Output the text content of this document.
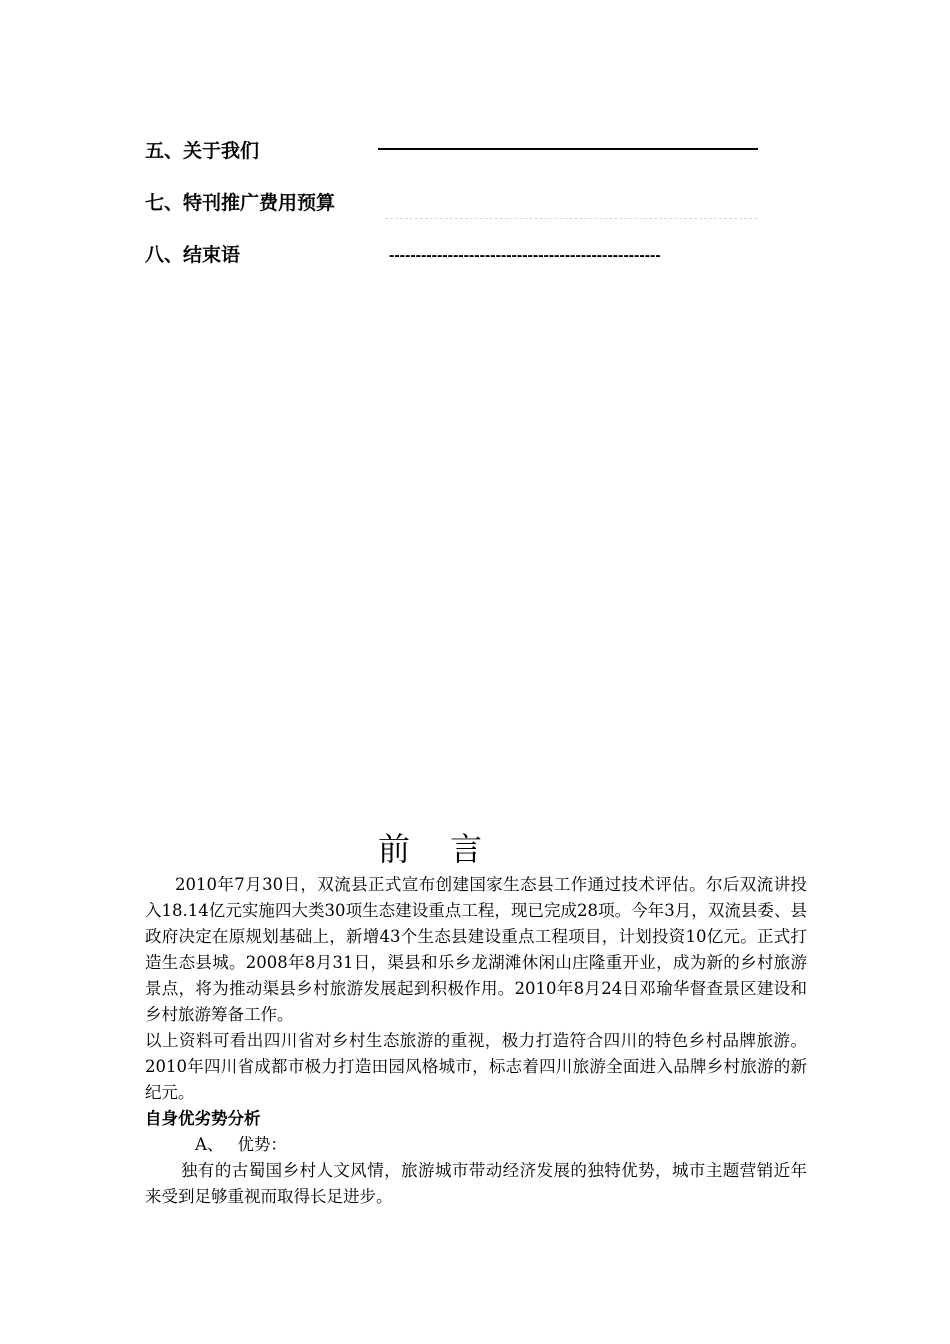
五、关于我们
七、特刊推广费用预算
八、结束语	---------------------------------------------------
前言

2010年7月30日，双流县正式宣布创建国家生态县工作通过技术评估。尔后双流讲投入18.14亿元实施四大类30项生态建设重点工程，现已完成28项。今年3月，双流县委、县政府决定在原规划基础上，新增43个生态县建设重点工程项目，计划投资10亿元。正式打造生态县城。2008年8月31日，渠县和乐乡龙湖滩休闲山庄隆重开业，成为新的乡村旅游景点，将为推动渠县乡村旅游发展起到积极作用。2010年8月24日邓瑜华督查景区建设和乡村旅游筹备工作。

以上资料可看出四川省对乡村生态旅游的重视，极力打造符合四川的特色乡村品牌旅游。2010年四川省成都市极力打造田园风格城市，标志着四川旅游全面进入品牌乡村旅游的新纪元。

自身优劣势分析

A、 优势：

独有的古蜀国乡村人文风情，旅游城市带动经济发展的独特优势，城市主题营销近年来受到足够重视而取得长足进步。
